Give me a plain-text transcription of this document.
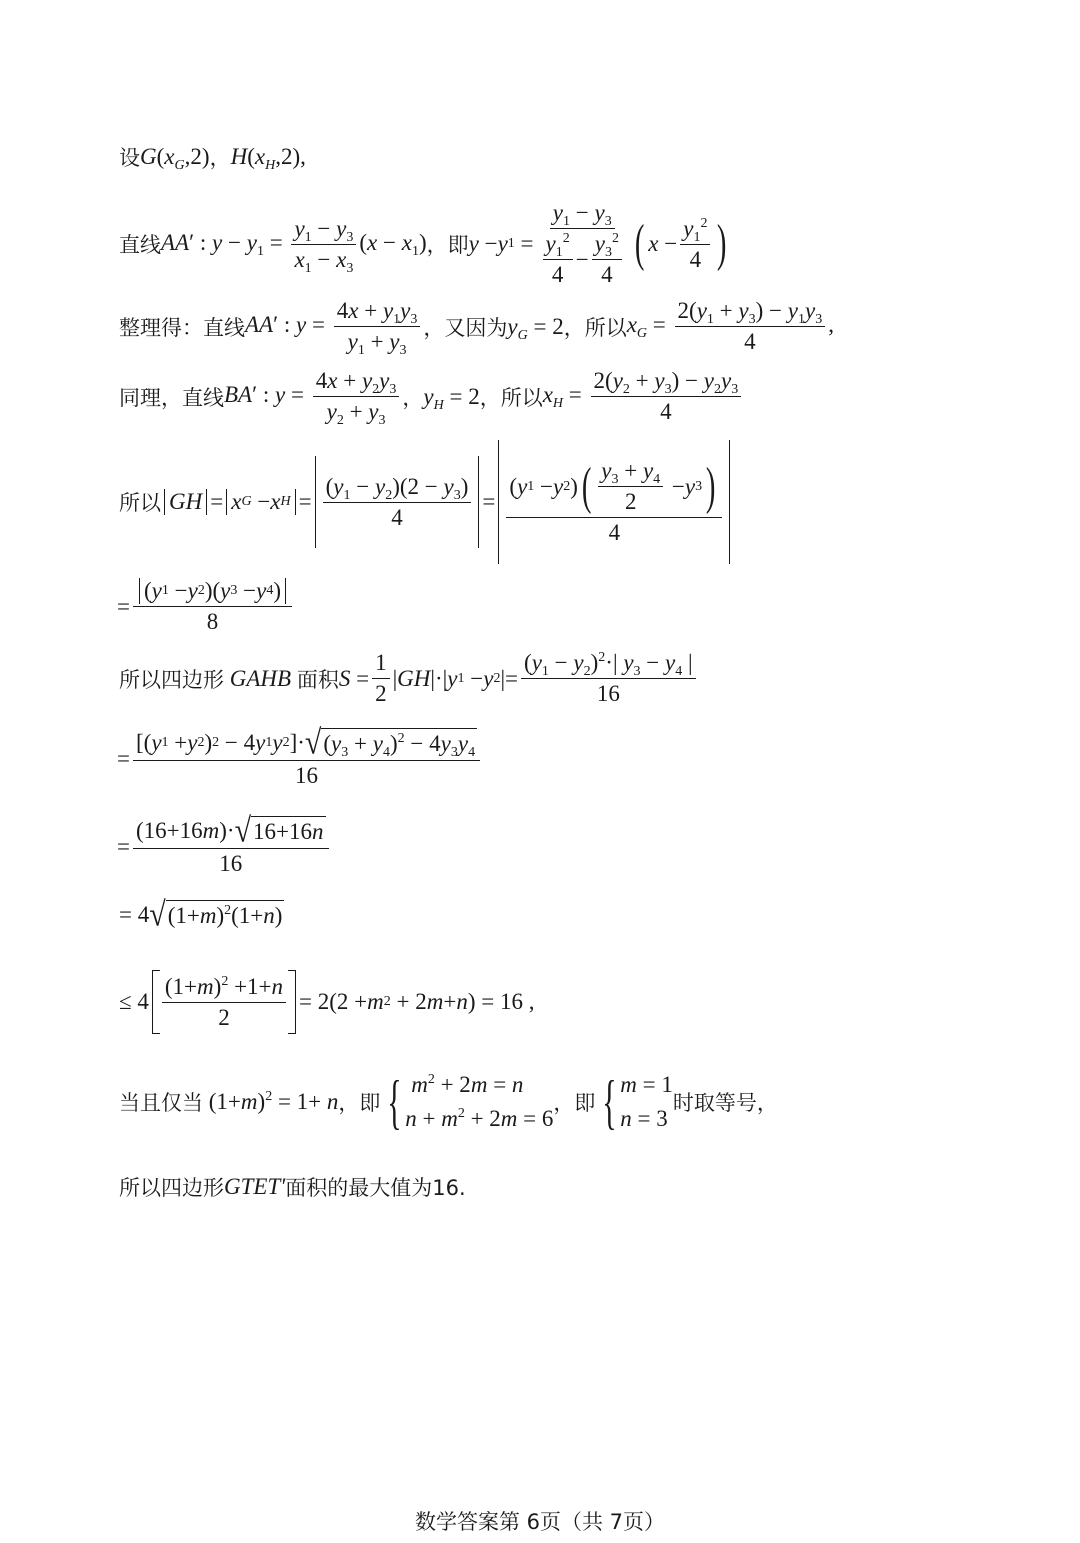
设 $G(x_G,2)$ ， $H(x_H,2)$,
直线 AA′ : $y - y_1 = \frac{y_1 - y_3}{x_1 - x_3} (x - x_1)$ ， 即 y − y $1 = \frac{y_1 - y_3}{\frac{y_1^2}{4} - \frac{y_3^2}{4}}$ ( $x - \frac{y_1^2}{4}$ )
整理得：直线 AA′ : $y = \frac{4x + y_1y_3}{y_1 + y_3}$ ， 又因为 $y_G = 2$ ， 所以 $x_G = \frac{2(y_1 + y_3) - y_1y_3}{4}$ ,
同理，直线 BA′ : $y = \frac{4x + y_2y_3}{y_2 + y_3}$ ， $y_H = 2$ ， 所以 $x_H = \frac{2(y_2 + y_3) - y_2y_3}{4}$
所以 GH = x G − x $H = \frac{(y_1 - y_2)(2 - y_3)}{4} = \frac{( y 1 - y 2 ) ( \frac{y_3 + y_4}{2} - y 3 )}{4}$
= $\frac{( y 1 - y 2 )( y 3 - y 4 )}{8}$
所以四边形 GAHB 面积 $S = \frac{1}{2}$ | GH |·| y 1 − y 2 |= $\frac{(y_1 - y_2)^2\cdot| y_3 - y_4 |}{16}$
= $\frac{[( y 1 + y 2 ) 2 - 4 y 1 y 2 ]\cdot √ (y_3 + y_4)^2 - 4y_3y_4}{16}$
= $\frac{(16+16 m )\cdot √ 16+16n}{16}$
= 4 √ $(1+m)^2(1+n)$
≤ $4 \frac{(1+m)^2 +1+n}{2} = 2(2 + m$ 2 + 2 m + n ) = 16 ,
当且仅当 $(1+m)^2 = 1+ n$ ， 即 { $m^2 + 2m = n$
$n + m^2 + 2m = 6$
， 即 { m = 1
n = 3
时取等号，
所以四边形 GTET′ 面积的最大值为16.
数学答案第 6页（共 7页）
